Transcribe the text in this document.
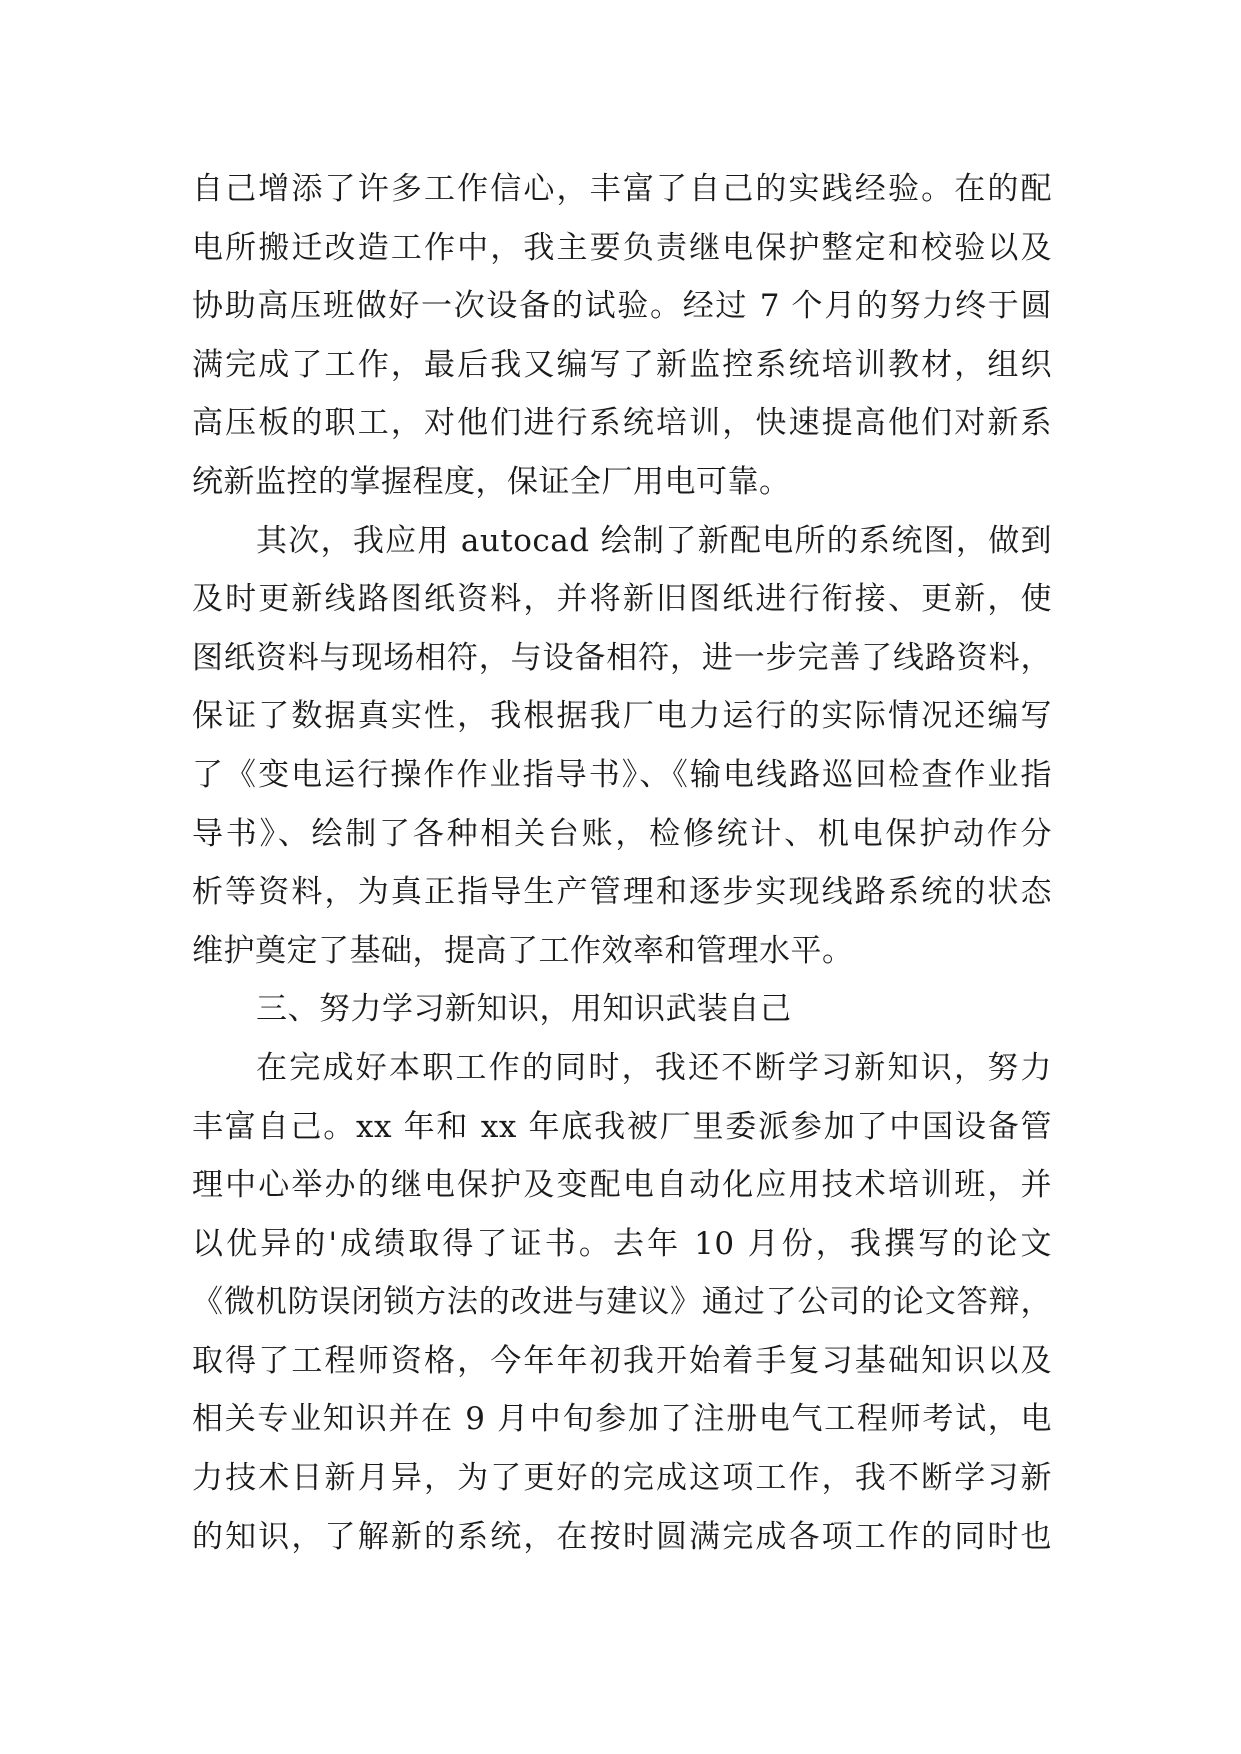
自己增添了许多工作信心，丰富了自己的实践经验。在的配
电所搬迁改造工作中，我主要负责继电保护整定和校验以及
协助高压班做好一次设备的试验。经过 7 个月的努力终于圆
满完成了工作，最后我又编写了新监控系统培训教材，组织
高压板的职工，对他们进行系统培训，快速提高他们对新系
统新监控的掌握程度，保证全厂用电可靠。
其次，我应用 autocad 绘制了新配电所的系统图，做到
及时更新线路图纸资料，并将新旧图纸进行衔接、更新，使
图纸资料与现场相符，与设备相符，进一步完善了线路资料，
保证了数据真实性，我根据我厂电力运行的实际情况还编写
了《变电运行操作作业指导书》、《输电线路巡回检查作业指
导书》、绘制了各种相关台账，检修统计、机电保护动作分
析等资料，为真正指导生产管理和逐步实现线路系统的状态
维护奠定了基础，提高了工作效率和管理水平。
三、努力学习新知识，用知识武装自己
在完成好本职工作的同时，我还不断学习新知识，努力
丰富自己。xx 年和 xx 年底我被厂里委派参加了中国设备管
理中心举办的继电保护及变配电自动化应用技术培训班，并
以优异的'成绩取得了证书。去年 10 月份，我撰写的论文
《微机防误闭锁方法的改进与建议》通过了公司的论文答辩，
取得了工程师资格，今年年初我开始着手复习基础知识以及
相关专业知识并在 9 月中旬参加了注册电气工程师考试，电
力技术日新月异，为了更好的完成这项工作，我不断学习新
的知识，了解新的系统，在按时圆满完成各项工作的同时也
